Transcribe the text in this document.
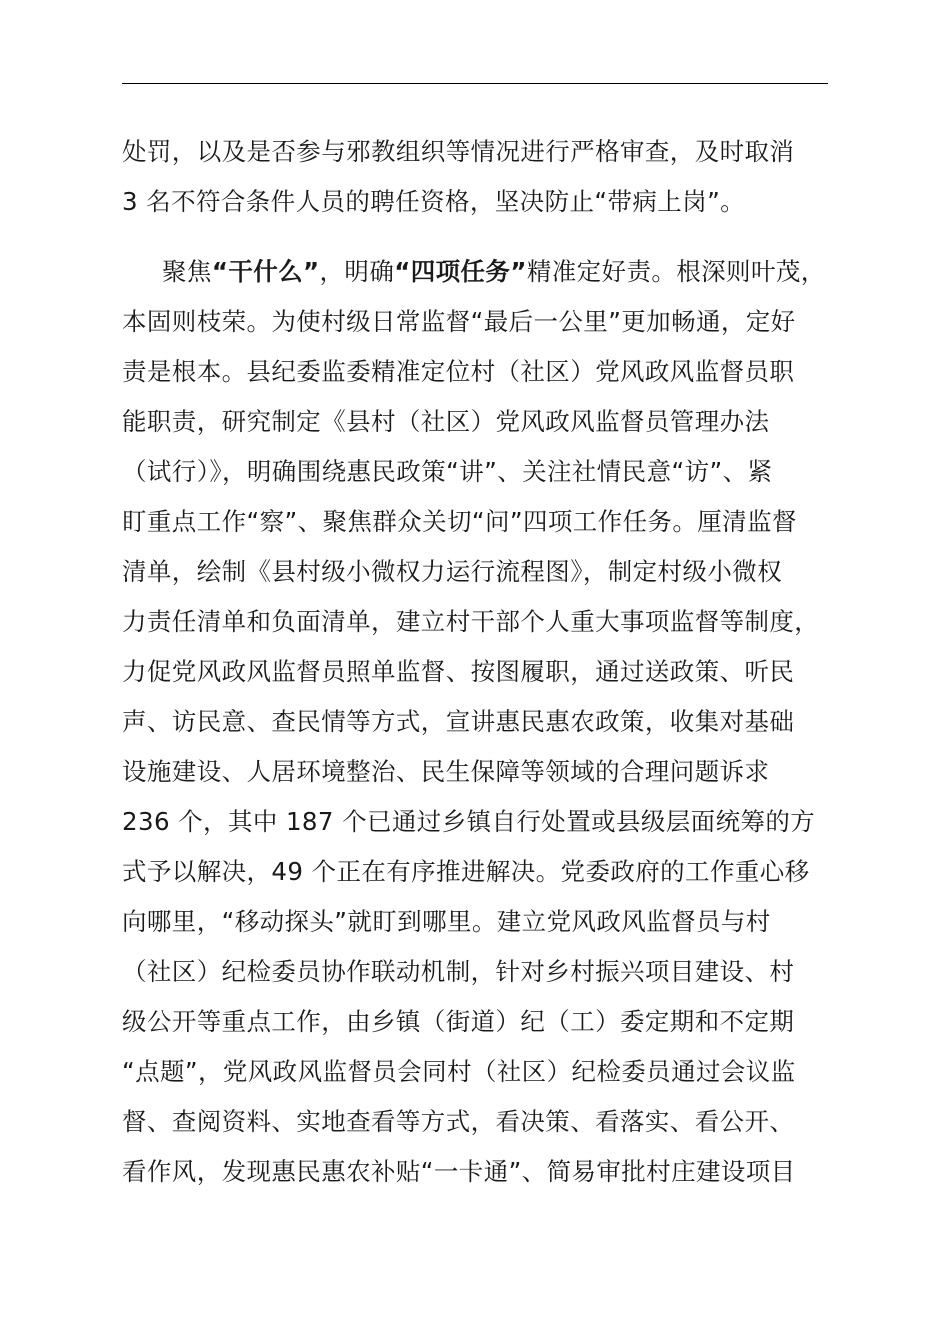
处罚，以及是否参与邪教组织等情况进行严格审查，及时取消
3 名不符合条件人员的聘任资格，坚决防止“带病上岗”。
聚焦“干什么”，明确“四项任务”精准定好责。根深则叶茂，
本固则枝荣。为使村级日常监督“最后一公里”更加畅通，定好
责是根本。县纪委监委精准定位村（社区）党风政风监督员职
能职责，研究制定《县村（社区）党风政风监督员管理办法
（试行）》，明确围绕惠民政策“讲”、关注社情民意“访”、紧
盯重点工作“察”、聚焦群众关切“问”四项工作任务。厘清监督
清单，绘制《县村级小微权力运行流程图》，制定村级小微权
力责任清单和负面清单，建立村干部个人重大事项监督等制度，
力促党风政风监督员照单监督、按图履职，通过送政策、听民
声、访民意、查民情等方式，宣讲惠民惠农政策，收集对基础
设施建设、人居环境整治、民生保障等领域的合理问题诉求
236 个，其中 187 个已通过乡镇自行处置或县级层面统筹的方
式予以解决，49 个正在有序推进解决。党委政府的工作重心移
向哪里，“移动探头”就盯到哪里。建立党风政风监督员与村
（社区）纪检委员协作联动机制，针对乡村振兴项目建设、村
级公开等重点工作，由乡镇（街道）纪（工）委定期和不定期
“点题”，党风政风监督员会同村（社区）纪检委员通过会议监
督、查阅资料、实地查看等方式，看决策、看落实、看公开、
看作风，发现惠民惠农补贴“一卡通”、简易审批村庄建设项目
